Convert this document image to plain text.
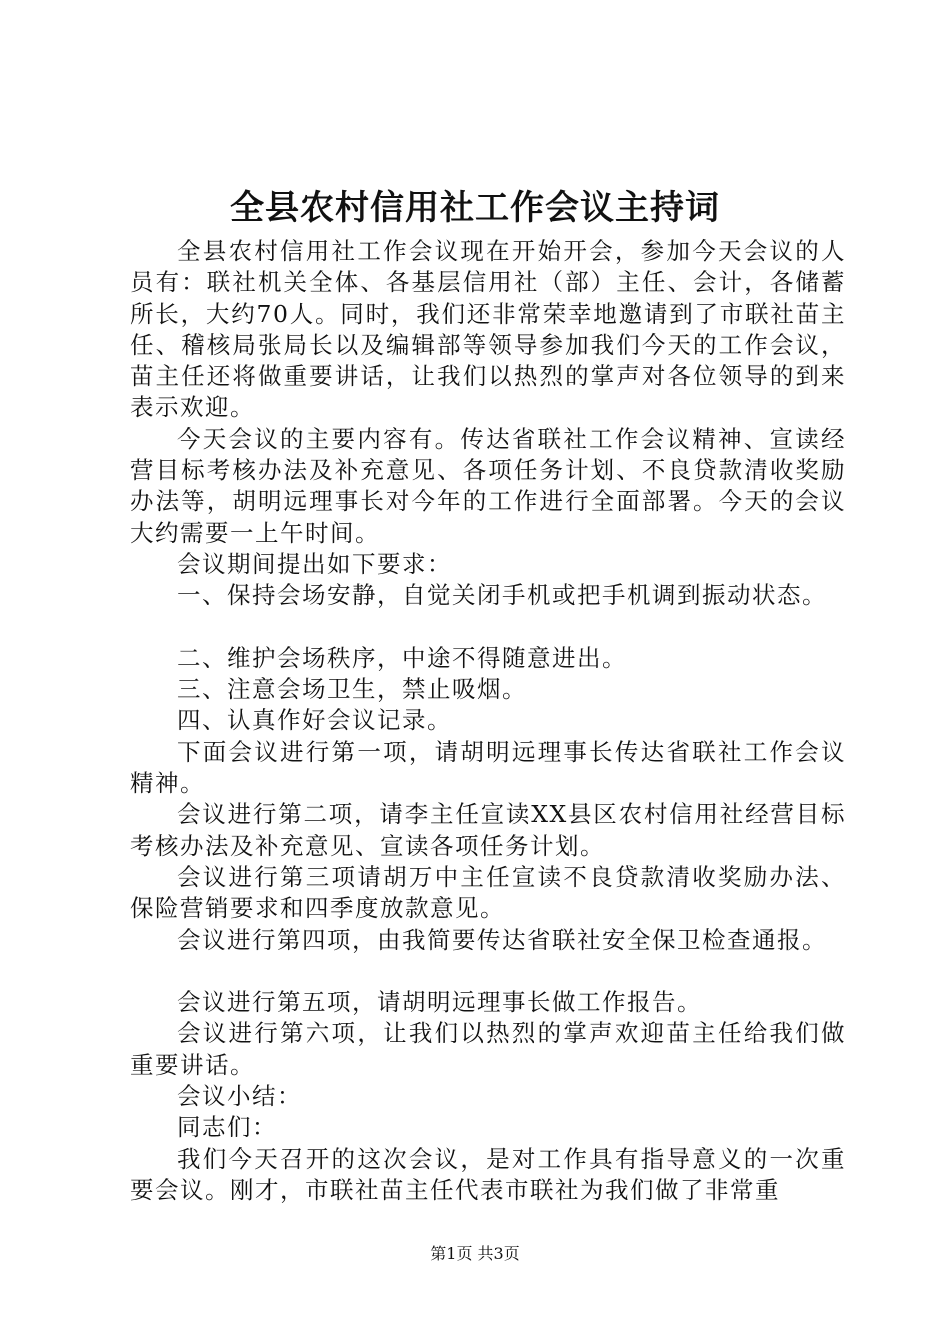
全县农村信用社工作会议主持词

全县农村信用社工作会议现在开始开会，参加今天会议的人员有：联社机关全体、各基层信用社（部）主任、会计，各储蓄所长，大约70人。同时，我们还非常荣幸地邀请到了市联社苗主任、稽核局张局长以及编辑部等领导参加我们今天的工作会议，苗主任还将做重要讲话，让我们以热烈的掌声对各位领导的到来表示欢迎。

今天会议的主要内容有。传达省联社工作会议精神、宣读经营目标考核办法及补充意见、各项任务计划、不良贷款清收奖励办法等，胡明远理事长对今年的工作进行全面部署。今天的会议大约需要一上午时间。

会议期间提出如下要求：

一、保持会场安静，自觉关闭手机或把手机调到振动状态。

二、维护会场秩序，中途不得随意进出。

三、注意会场卫生，禁止吸烟。

四、认真作好会议记录。

下面会议进行第一项，请胡明远理事长传达省联社工作会议精神。

会议进行第二项，请李主任宣读XX县区农村信用社经营目标考核办法及补充意见、宣读各项任务计划。

会议进行第三项请胡万中主任宣读不良贷款清收奖励办法、保险营销要求和四季度放款意见。

会议进行第四项，由我简要传达省联社安全保卫检查通报。

会议进行第五项，请胡明远理事长做工作报告。

会议进行第六项，让我们以热烈的掌声欢迎苗主任给我们做重要讲话。

会议小结：

同志们：

我们今天召开的这次会议，是对工作具有指导意义的一次重要会议。刚才，市联社苗主任代表市联社为我们做了非常重

第1页 共3页
